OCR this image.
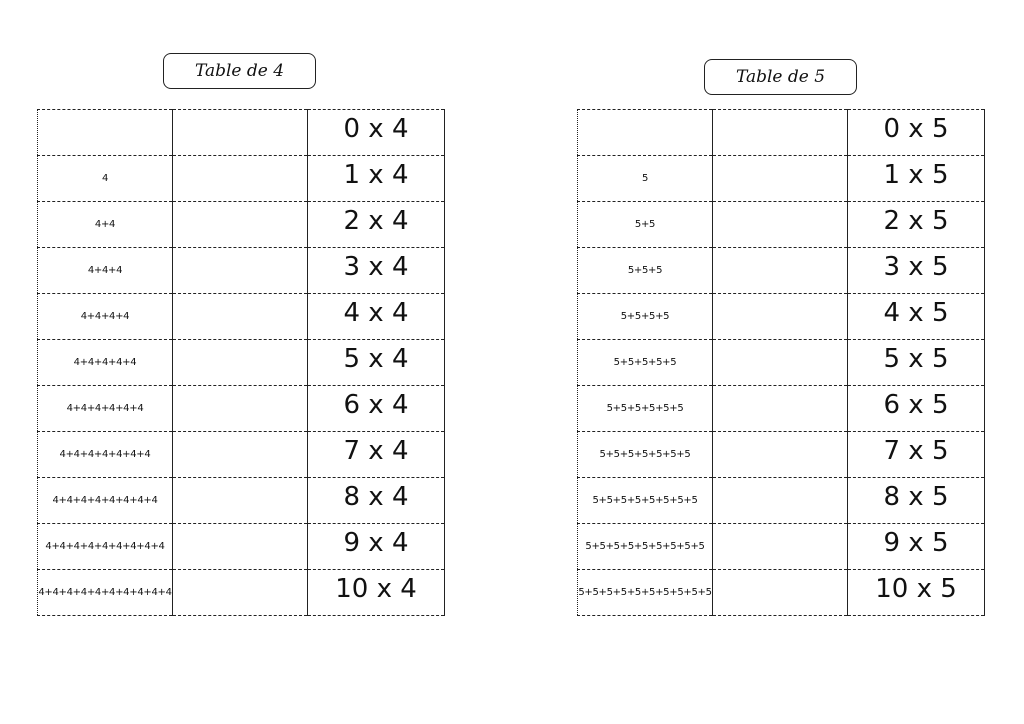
Table de 4	Table de 5
		0 x 4
4		1 x 4
4+4		2 x 4
4+4+4		3 x 4
4+4+4+4		4 x 4
4+4+4+4+4		5 x 4
4+4+4+4+4+4		6 x 4
4+4+4+4+4+4+4		7 x 4
4+4+4+4+4+4+4+4		8 x 4
4+4+4+4+4+4+4+4+4		9 x 4
4+4+4+4+4+4+4+4+4+4		10 x 4
		0 x 5
5		1 x 5
5+5		2 x 5
5+5+5		3 x 5
5+5+5+5		4 x 5
5+5+5+5+5		5 x 5
5+5+5+5+5+5		6 x 5
5+5+5+5+5+5+5		7 x 5
5+5+5+5+5+5+5+5		8 x 5
5+5+5+5+5+5+5+5+5		9 x 5
5+5+5+5+5+5+5+5+5+5		10 x 5
